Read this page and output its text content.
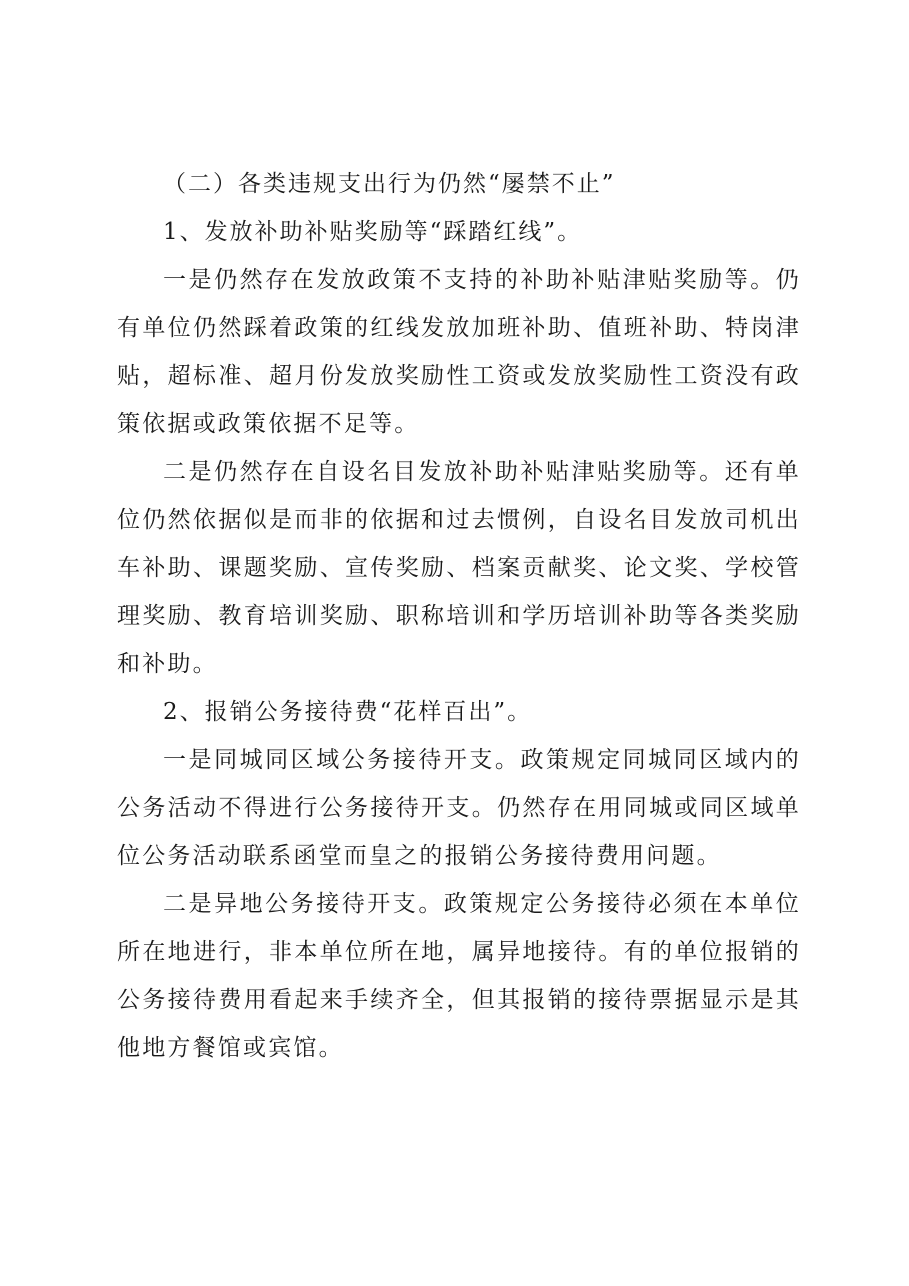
（二）各类违规支出行为仍然“屡禁不止”

1、发放补助补贴奖励等“踩踏红线”。

一是仍然存在发放政策不支持的补助补贴津贴奖励等。仍有单位仍然踩着政策的红线发放加班补助、值班补助、特岗津贴，超标准、超月份发放奖励性工资或发放奖励性工资没有政策依据或政策依据不足等。

二是仍然存在自设名目发放补助补贴津贴奖励等。还有单位仍然依据似是而非的依据和过去惯例，自设名目发放司机出车补助、课题奖励、宣传奖励、档案贡献奖、论文奖、学校管理奖励、教育培训奖励、职称培训和学历培训补助等各类奖励和补助。

2、报销公务接待费“花样百出”。

一是同城同区域公务接待开支。政策规定同城同区域内的公务活动不得进行公务接待开支。仍然存在用同城或同区域单位公务活动联系函堂而皇之的报销公务接待费用问题。

二是异地公务接待开支。政策规定公务接待必须在本单位所在地进行，非本单位所在地，属异地接待。有的单位报销的公务接待费用看起来手续齐全，但其报销的接待票据显示是其他地方餐馆或宾馆。
